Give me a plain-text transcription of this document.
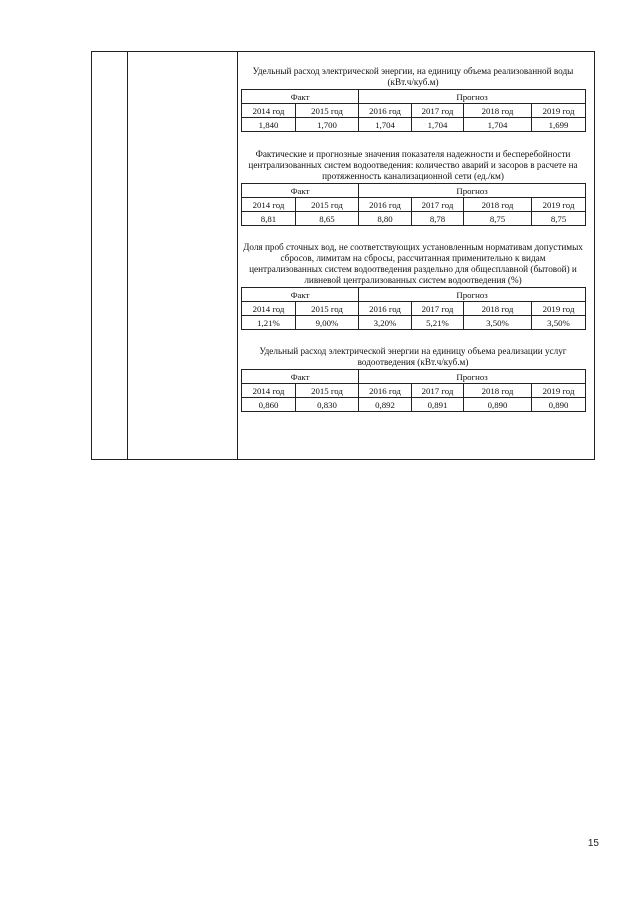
Удельный расход электрической энергии, на единицу объема реализованной воды (кВт.ч/куб.м)
Факт		Прогноз			
2014 год	2015 год	2016 год	2017 год	2018 год	2019 год
1,840	1,700	1,704	1,704	1,704	1,699
Фактические и прогнозные значения показателя надежности и бесперебойности централизованных систем водоотведения: количество аварий и засоров в расчете на протяженность канализационной сети (ед./км)
Факт		Прогноз			
2014 год	2015 год	2016 год	2017 год	2018 год	2019 год
8,81	8,65	8,80	8,78	8,75	8,75
Доля проб сточных вод, не соответствующих установленным нормативам допустимых сбросов, лимитам на сбросы, рассчитанная применительно к видам централизованных систем водоотведения раздельно для общесплавной (бытовой) и ливневой централизованных систем водоотведения (%)
Факт		Прогноз			
2014 год	2015 год	2016 год	2017 год	2018 год	2019 год
1,21%	9,00%	3,20%	5,21%	3,50%	3,50%
Удельный расход электрической энергии на единицу объема реализации услуг водоотведения (кВт.ч/куб.м)
Факт		Прогноз			
2014 год	2015 год	2016 год	2017 год	2018 год	2019 год
0,860	0,830	0,892	0,891	0,890	0,890
15
